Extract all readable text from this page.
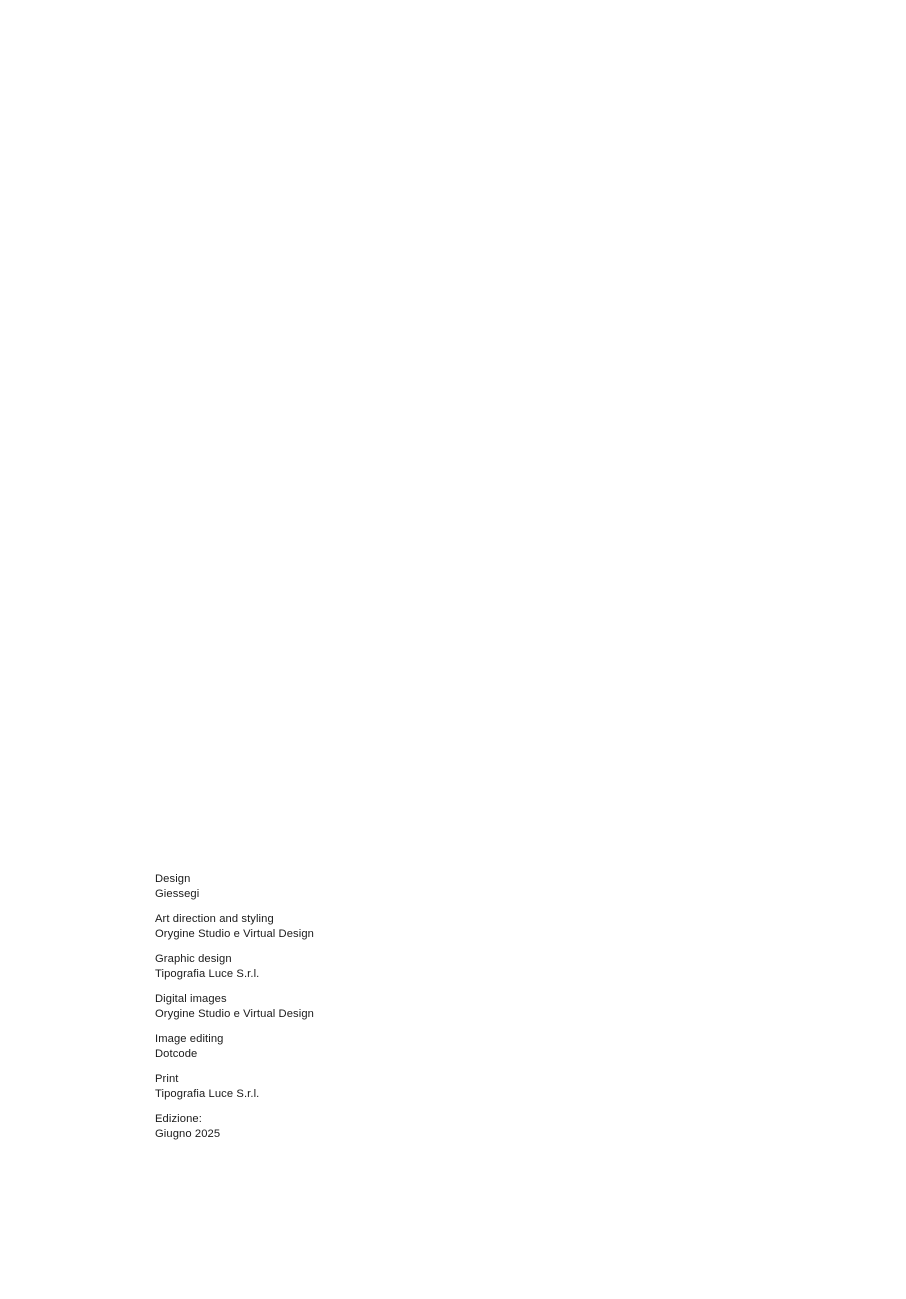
Design
Giessegi
Art direction and styling
Orygine Studio e Virtual Design
Graphic design
Tipografia Luce S.r.l.
Digital images
Orygine Studio e Virtual Design
Image editing
Dotcode
Print
Tipografia Luce S.r.l.
Edizione:
Giugno 2025
